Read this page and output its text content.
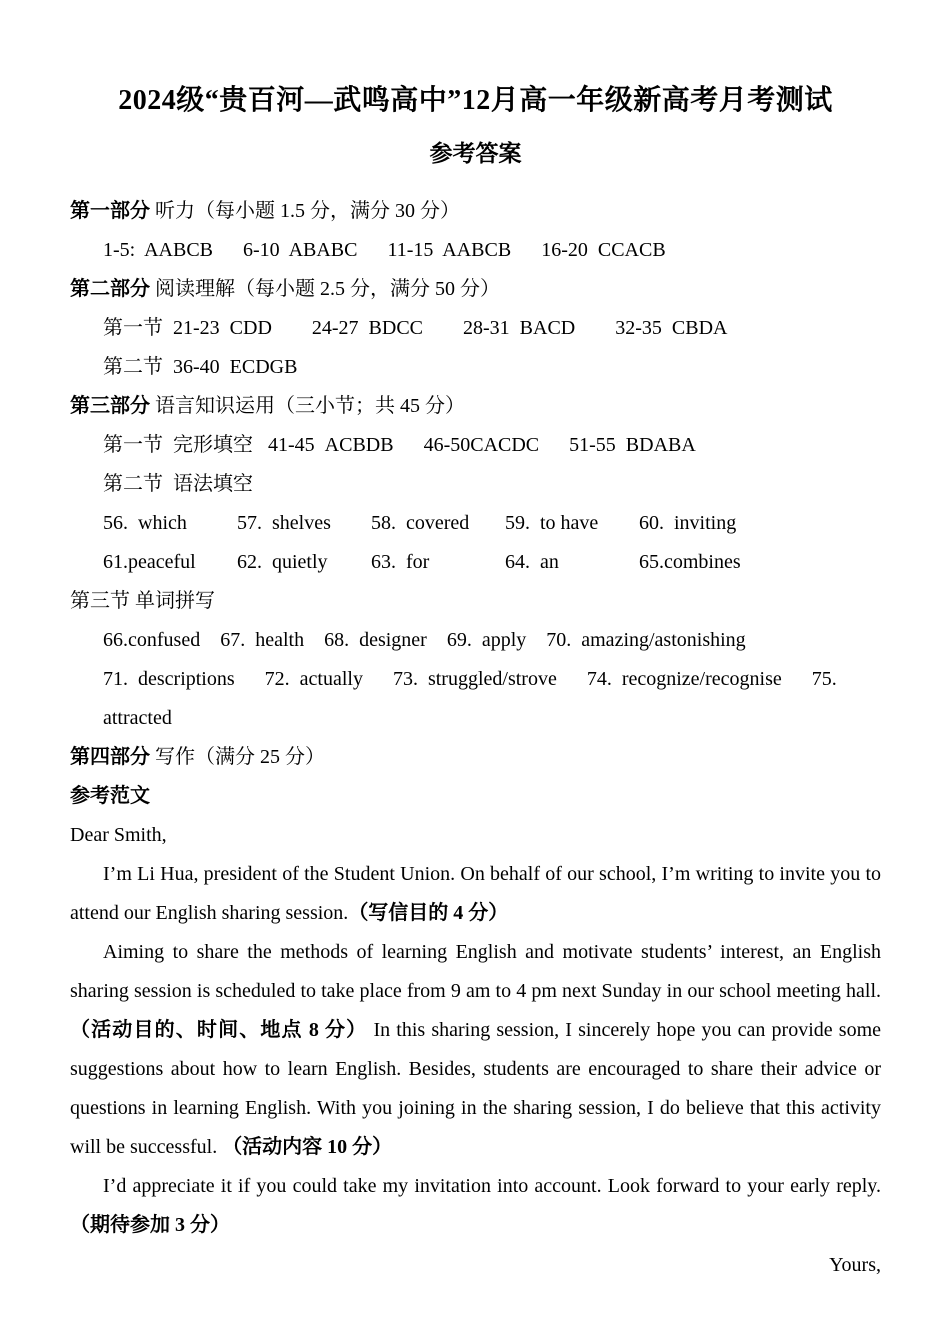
2024级“贵百河—武鸣高中”12月高一年级新高考月考测试
参考答案

第一部分 听力（每小题 1.5 分，满分 30 分）

1-5:  AABCB      6-10  ABABC      11-15  AABCB      16-20  CCACB

第二部分 阅读理解（每小题 2.5 分，满分 50 分）

第一节  21-23  CDD        24-27  BDCC        28-31  BACD        32-35  CBDA

第二节  36-40  ECDGB

第三部分 语言知识运用（三小节；共 45 分）

第一节  完形填空   41-45  ACBDB      46-50CACDC      51-55  BDABA

第二节  语法填空

56.  which	57.  shelves 58.  covered 59.  to have 60.  inviting

61.peaceful 62.  quietly 63.  for	64.  an	65.combines

第三节 单词拼写

66.confused    67.  health    68.  designer    69.  apply    70.  amazing/astonishing

71.  descriptions      72.  actually      73.  struggled/strove      74.  recognize/recognise      75.  attracted

第四部分 写作（满分 25 分）

参考范文

Dear Smith,

I’m Li Hua, president of the Student Union. On behalf of our school, I’m writing to invite you to attend our English sharing session.（写信目的 4 分）

Aiming to share the methods of learning English and motivate students’ interest, an English sharing session is scheduled to take place from 9 am to 4 pm next Sunday in our school meeting hall. （活动目的、时间、地点 8 分） In this sharing session, I sincerely hope you can provide some suggestions about how to learn English. Besides, students are encouraged to share their advice or questions in learning English. With you joining in the sharing session, I do believe that this activity will be successful. （活动内容 10 分）

I’d appreciate it if you could take my invitation into account. Look forward to your early reply. （期待参加 3 分）

Yours,
